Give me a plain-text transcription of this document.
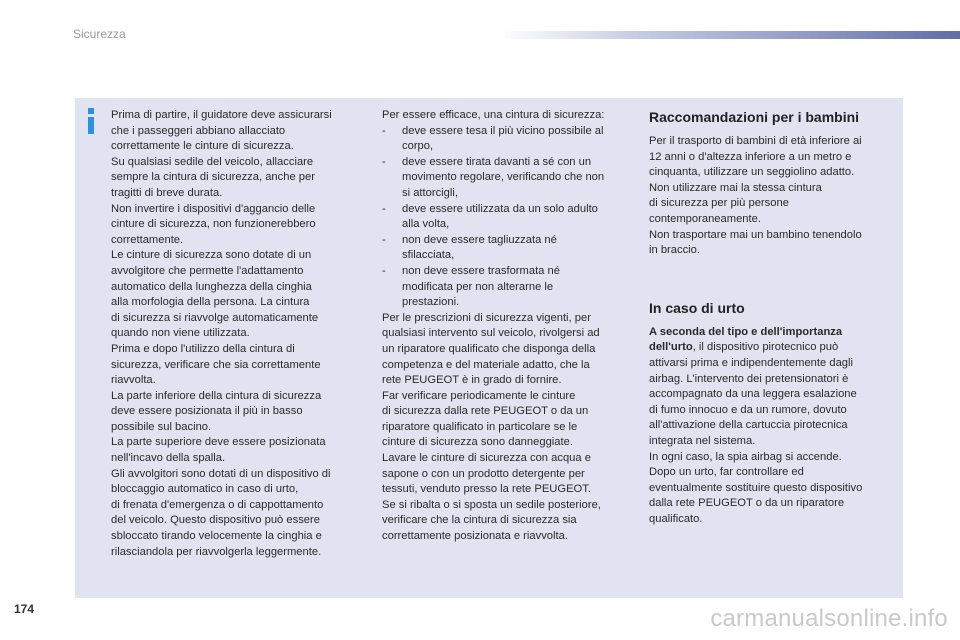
Sicurezza

Prima di partire, il guidatore deve assicurarsi
che i passeggeri abbiano allacciato
correttamente le cinture di sicurezza.
Su qualsiasi sedile del veicolo, allacciare
sempre la cintura di sicurezza, anche per
tragitti di breve durata.
Non invertire i dispositivi d'aggancio delle
cinture di sicurezza, non funzionerebbero
correttamente.
Le cinture di sicurezza sono dotate di un
avvolgitore che permette l'adattamento
automatico della lunghezza della cinghia
alla morfologia della persona. La cintura
di sicurezza si riavvolge automaticamente
quando non viene utilizzata.
Prima e dopo l'utilizzo della cintura di
sicurezza, verificare che sia correttamente
riavvolta.
La parte inferiore della cintura di sicurezza
deve essere posizionata il più in basso
possibile sul bacino.
La parte superiore deve essere posizionata
nell'incavo della spalla.
Gli avvolgitori sono dotati di un dispositivo di
bloccaggio automatico in caso di urto,
di frenata d'emergenza o di cappottamento
del veicolo. Questo dispositivo può essere
sbloccato tirando velocemente la cinghia e
rilasciandola per riavvolgerla leggermente.

Per essere efficace, una cintura di sicurezza:

- deve essere tesa il più vicino possibile al
corpo,
- deve essere tirata davanti a sé con un
movimento regolare, verificando che non
si attorcigli,
- deve essere utilizzata da un solo adulto
alla volta,
- non deve essere tagliuzzata né
sfilacciata,
- non deve essere trasformata né
modificata per non alterarne le
prestazioni.

Per le prescrizioni di sicurezza vigenti, per
qualsiasi intervento sul veicolo, rivolgersi ad
un riparatore qualificato che disponga della
competenza e del materiale adatto, che la
rete PEUGEOT è in grado di fornire.
Far verificare periodicamente le cinture
di sicurezza dalla rete PEUGEOT o da un
riparatore qualificato in particolare se le
cinture di sicurezza sono danneggiate.
Lavare le cinture di sicurezza con acqua e
sapone o con un prodotto detergente per
tessuti, venduto presso la rete PEUGEOT.
Se si ribalta o si sposta un sedile posteriore,
verificare che la cintura di sicurezza sia
correttamente posizionata e riavvolta.

Raccomandazioni per i bambini

Per il trasporto di bambini di età inferiore ai
12 anni o d'altezza inferiore a un metro e
cinquanta, utilizzare un seggiolino adatto.
Non utilizzare mai la stessa cintura
di sicurezza per più persone
contemporaneamente.
Non trasportare mai un bambino tenendolo
in braccio.

In caso di urto

A seconda del tipo e dell'importanza
dell'urto, il dispositivo pirotecnico può
attivarsi prima e indipendentemente dagli
airbag. L'intervento dei pretensionatori è
accompagnato da una leggera esalazione
di fumo innocuo e da un rumore, dovuto
all'attivazione della cartuccia pirotecnica
integrata nel sistema.
In ogni caso, la spia airbag si accende.
Dopo un urto, far controllare ed
eventualmente sostituire questo dispositivo
dalla rete PEUGEOT o da un riparatore
qualificato.

174	carmanualsonline.info
